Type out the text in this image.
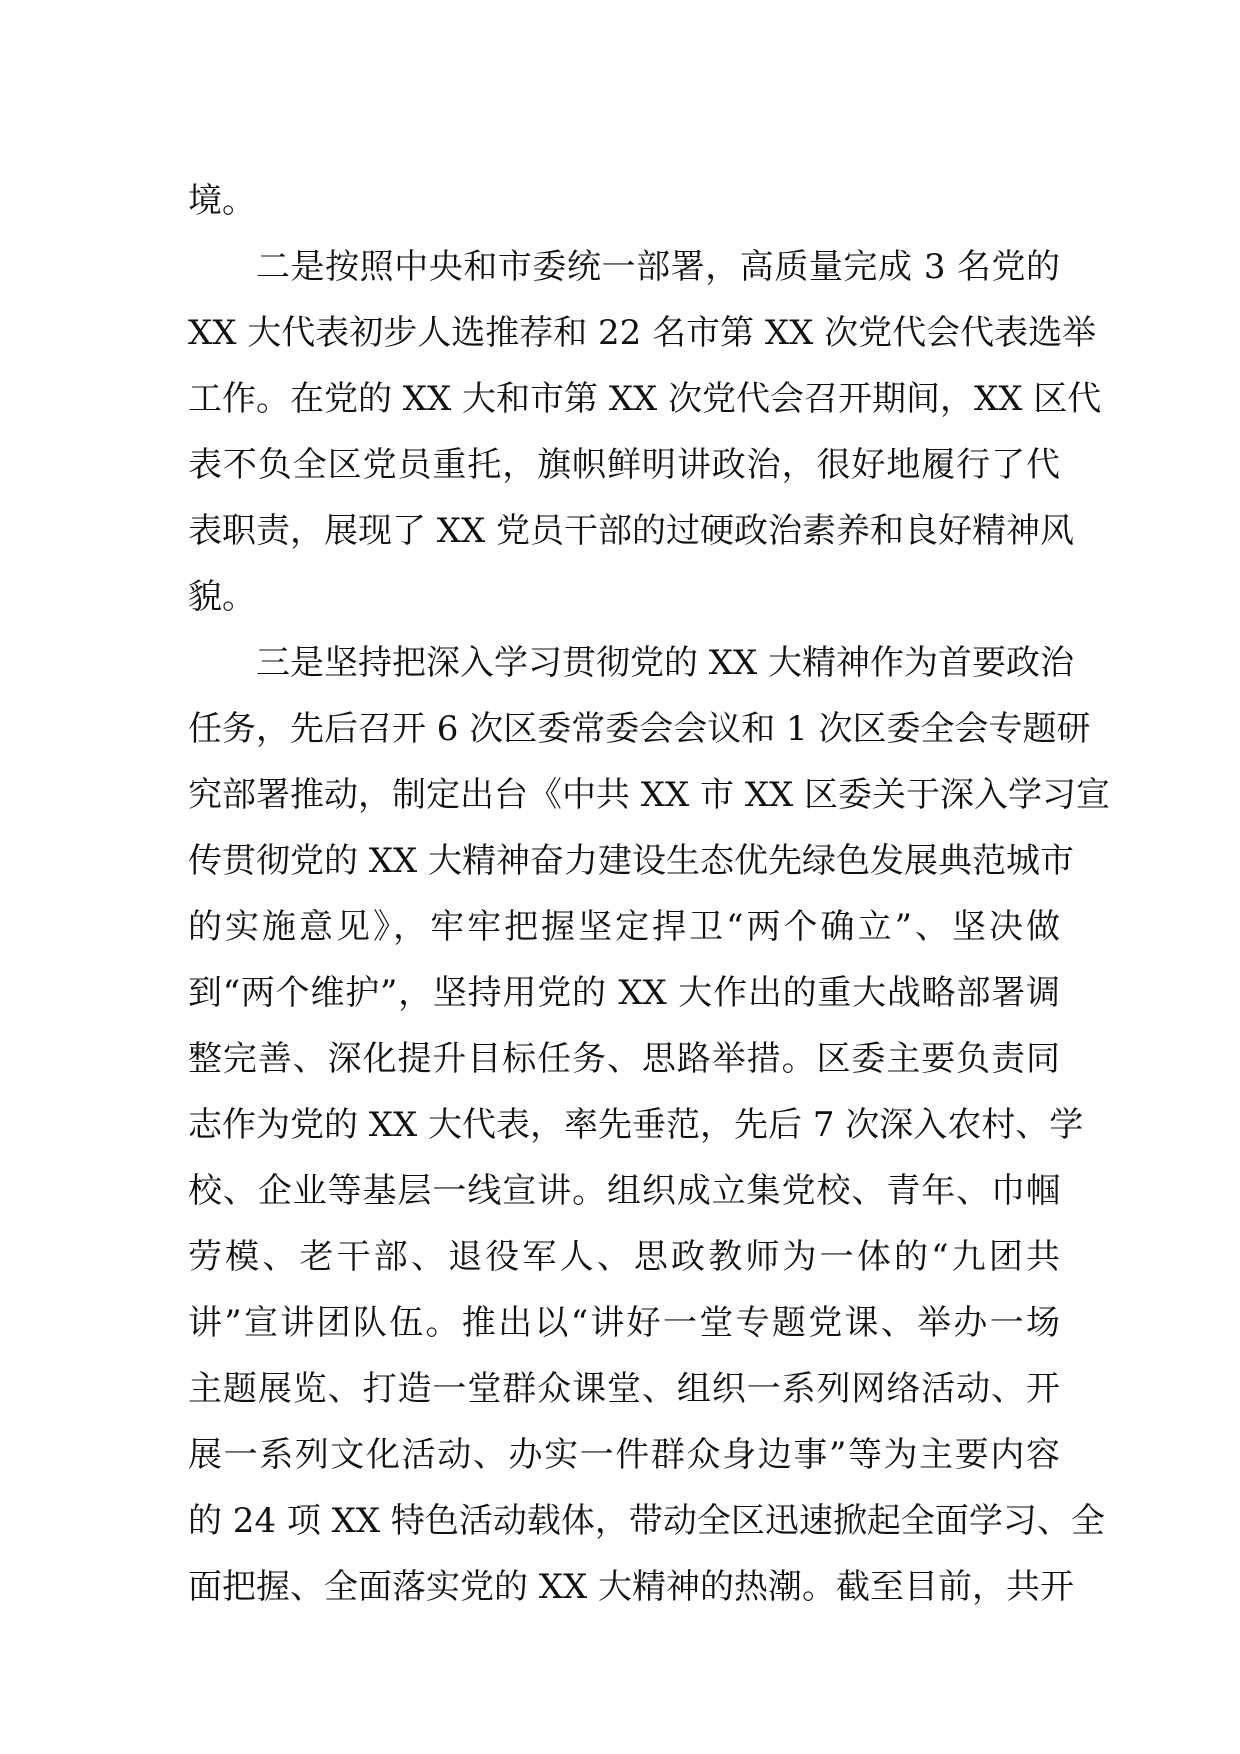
境。
二是按照中央和市委统一部署，高质量完成 3 名党的
XX 大代表初步人选推荐和 22 名市第 XX 次党代会代表选举
工作。在党的 XX 大和市第 XX 次党代会召开期间，XX 区代
表不负全区党员重托，旗帜鲜明讲政治，很好地履行了代
表职责，展现了 XX 党员干部的过硬政治素养和良好精神风
貌。
三是坚持把深入学习贯彻党的 XX 大精神作为首要政治
任务，先后召开 6 次区委常委会会议和 1 次区委全会专题研
究部署推动，制定出台《中共 XX 市 XX 区委关于深入学习宣
传贯彻党的 XX 大精神奋力建设生态优先绿色发展典范城市
的实施意见》，牢牢把握坚定捍卫“两个确立”、坚决做
到“两个维护”，坚持用党的 XX 大作出的重大战略部署调
整完善、深化提升目标任务、思路举措。区委主要负责同
志作为党的 XX 大代表，率先垂范，先后 7 次深入农村、学
校、企业等基层一线宣讲。组织成立集党校、青年、巾帼
劳模、老干部、退役军人、思政教师为一体的“九团共
讲”宣讲团队伍。推出以“讲好一堂专题党课、举办一场
主题展览、打造一堂群众课堂、组织一系列网络活动、开
展一系列文化活动、办实一件群众身边事”等为主要内容
的 24 项 XX 特色活动载体，带动全区迅速掀起全面学习、全
面把握、全面落实党的 XX 大精神的热潮。截至目前，共开
